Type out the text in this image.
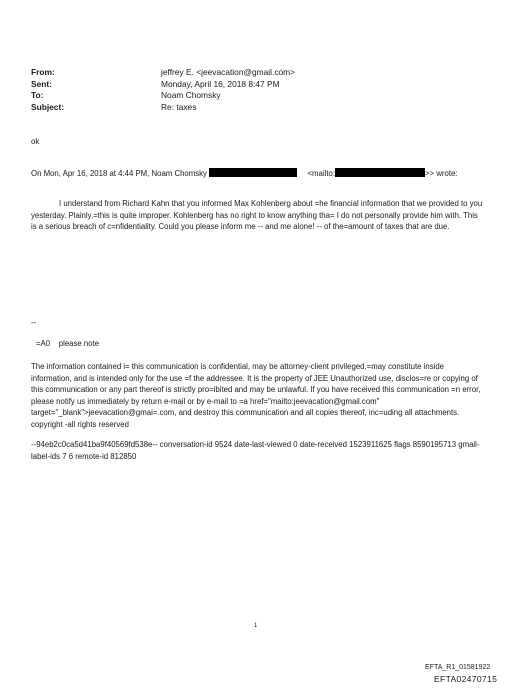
From:	jeffrey E. <jeevacation@gmail.com>
Sent:	Monday, April 16, 2018 8:47 PM
To:	Noam Chomsky
Subject:	Re: taxes
ok
On Mon, Apr 16, 2018 at 4:44 PM, Noam Chomsky	<mailto:	>> wrote:
I understand from Richard Kahn that you informed Max Kohlenberg about =he financial information that we provided to you yesterday. Plainly,=this is quite improper. Kohlenberg has no right to know anything tha= I do not personally provide him with. This is a serious breach of c=nfidentiality. Could you please inform me -- and me alone! -- of the=amount of taxes that are due.
--
=A0    please note
The information contained i= this communication is confidential, may be attorney-client privileged,=may constitute inside information, and is intended only for the use =f the addressee. It is the property of JEE Unauthorized use, disclos=re or copying of this communication or any part thereof is strictly pro=ibited and may be unlawful. If you have received this communication =n error, please notify us immediately by return e-mail or by e-mail to =a href="mailto:jeevacation@gmail.com" target="_blank">jeevacation@gmai=.com, and destroy this communication and all copies thereof, inc=uding all attachments. copyright -all rights reserved
--94eb2c0ca5d41ba9f40569fd538e-- conversation-id 9524 date-last-viewed 0 date-received 1523911625 flags 8590195713 gmail-label-ids 7 6 remote-id 812850
1
EFTA_R1_01581922
EFTA02470715
